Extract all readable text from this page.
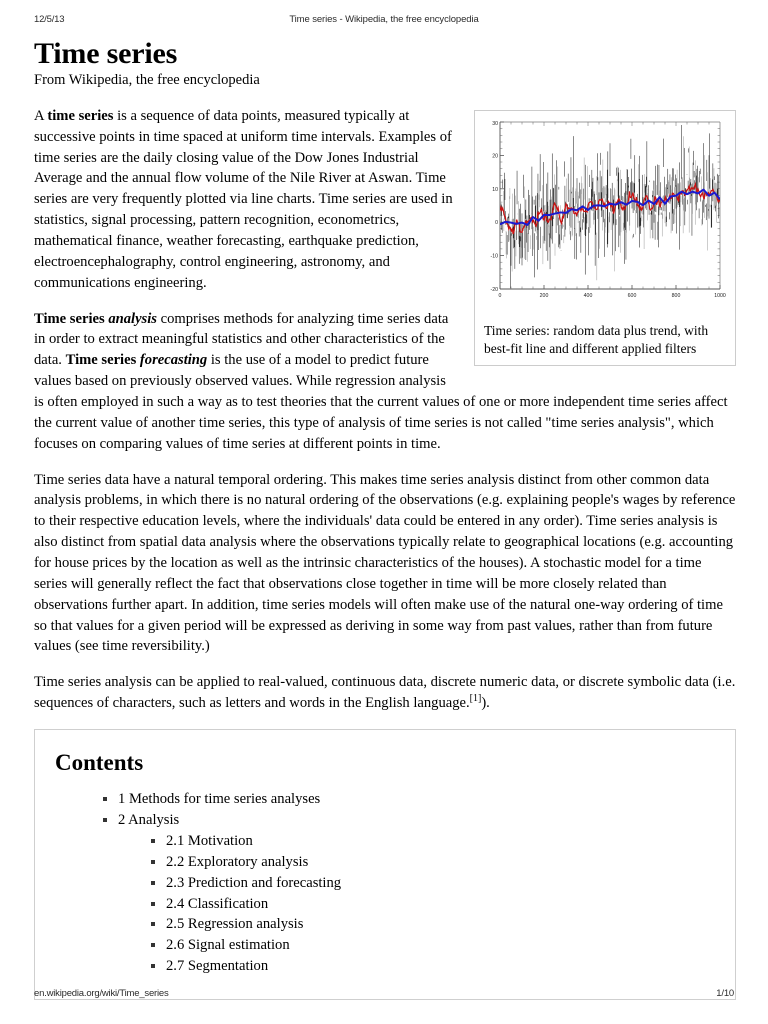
12/5/13	Time series - Wikipedia, the free encyclopedia
Time series
From Wikipedia, the free encyclopedia
-20
-10
0
10
20
30
0	200	400	600	800	1000
Time series: random data plus trend, with best-fit line and different applied filters

A time series is a sequence of data points, measured typically at successive points in time spaced at uniform time intervals. Examples of time series are the daily closing value of the Dow Jones Industrial Average and the annual flow volume of the Nile River at Aswan. Time series are very frequently plotted via line charts. Time series are used in statistics, signal processing, pattern recognition, econometrics, mathematical finance, weather forecasting, earthquake prediction, electroencephalography, control engineering, astronomy, and communications engineering.

Time series analysis comprises methods for analyzing time series data in order to extract meaningful statistics and other characteristics of the data. Time series forecasting is the use of a model to predict future values based on previously observed values. While regression analysis is often employed in such a way as to test theories that the current values of one or more independent time series affect the current value of another time series, this type of analysis of time series is not called "time series analysis", which focuses on comparing values of time series at different points in time.

Time series data have a natural temporal ordering. This makes time series analysis distinct from other common data analysis problems, in which there is no natural ordering of the observations (e.g. explaining people's wages by reference to their respective education levels, where the individuals' data could be entered in any order). Time series analysis is also distinct from spatial data analysis where the observations typically relate to geographical locations (e.g. accounting for house prices by the location as well as the intrinsic characteristics of the houses). A stochastic model for a time series will generally reflect the fact that observations close together in time will be more closely related than observations further apart. In addition, time series models will often make use of the natural one-way ordering of time so that values for a given period will be expressed as deriving in some way from past values, rather than from future values (see time reversibility.)

Time series analysis can be applied to real-valued, continuous data, discrete numeric data, or discrete symbolic data (i.e. sequences of characters, such as letters and words in the English language.[1]).

Contents
1 Methods for time series analyses
2 Analysis
2.1 Motivation
2.2 Exploratory analysis
2.3 Prediction and forecasting
2.4 Classification
2.5 Regression analysis
2.6 Signal estimation
2.7 Segmentation
en.wikipedia.org/wiki/Time_series	1/10
